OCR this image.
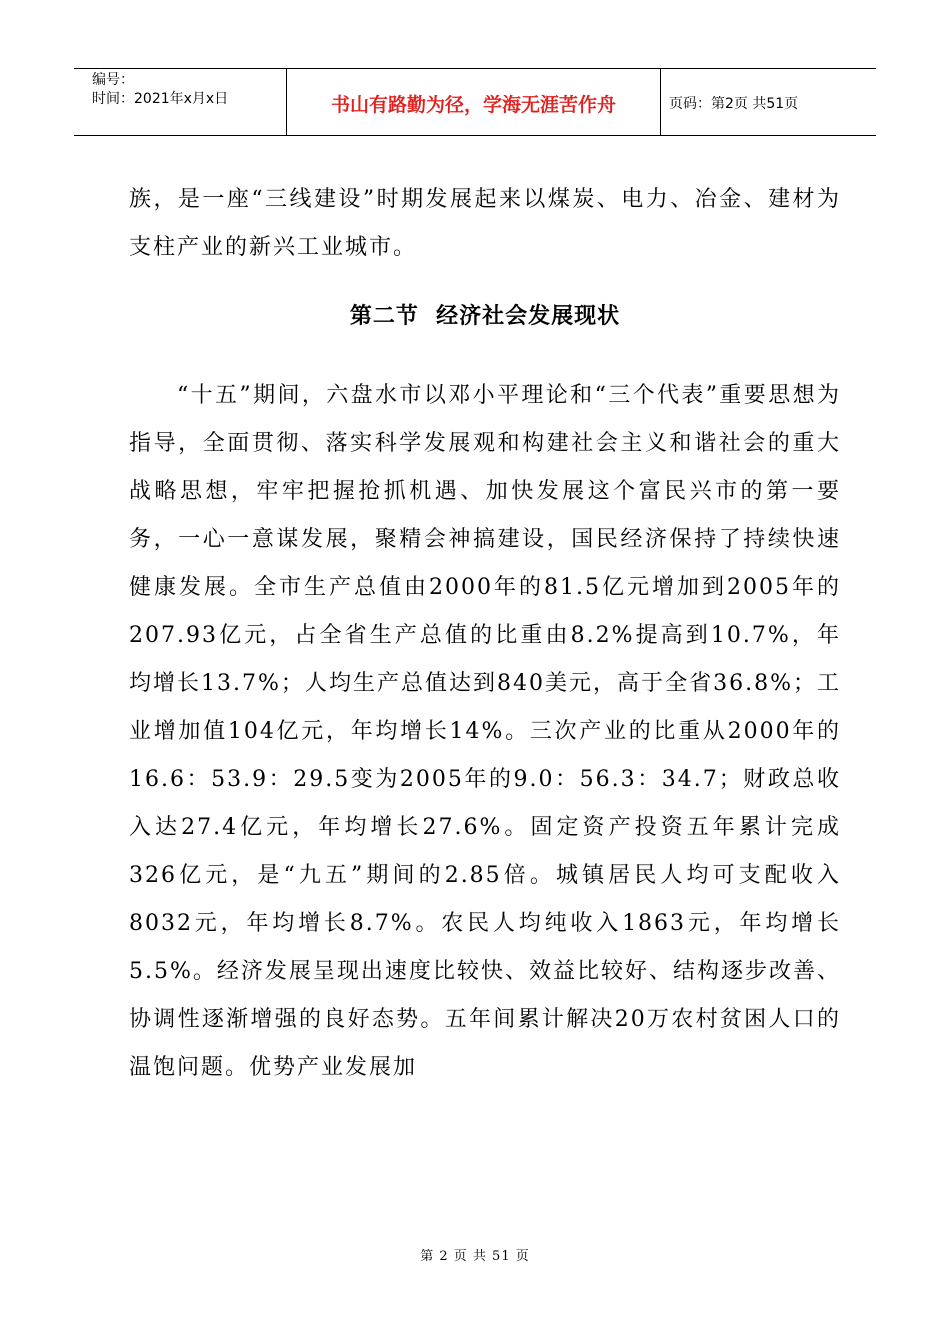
编号：
时间：2021年x月x日	书山有路勤为径，学海无涯苦作舟	页码：第2页 共51页

族，是一座“三线建设”时期发展起来以煤炭、电力、冶金、建材为支柱产业的新兴工业城市。

第二节  经济社会发展现状

“十五”期间，六盘水市以邓小平理论和“三个代表”重要思想为指导，全面贯彻、落实科学发展观和构建社会主义和谐社会的重大战略思想，牢牢把握抢抓机遇、加快发展这个富民兴市的第一要务，一心一意谋发展，聚精会神搞建设，国民经济保持了持续快速健康发展。全市生产总值由2000年的81.5亿元增加到2005年的207.93亿元，占全省生产总值的比重由8.2%提高到10.7%，年均增长13.7%；人均生产总值达到840美元，高于全省36.8%；工业增加值104亿元，年均增长14%。三次产业的比重从2000年的16.6：53.9：29.5变为2005年的9.0：56.3：34.7；财政总收入达27.4亿元，年均增长27.6%。固定资产投资五年累计完成326亿元，是“九五”期间的2.85倍。城镇居民人均可支配收入8032元，年均增长8.7%。农民人均纯收入1863元，年均增长5.5%。经济发展呈现出速度比较快、效益比较好、结构逐步改善、协调性逐渐增强的良好态势。五年间累计解决20万农村贫困人口的温饱问题。优势产业发展加

第 2 页 共 51 页
